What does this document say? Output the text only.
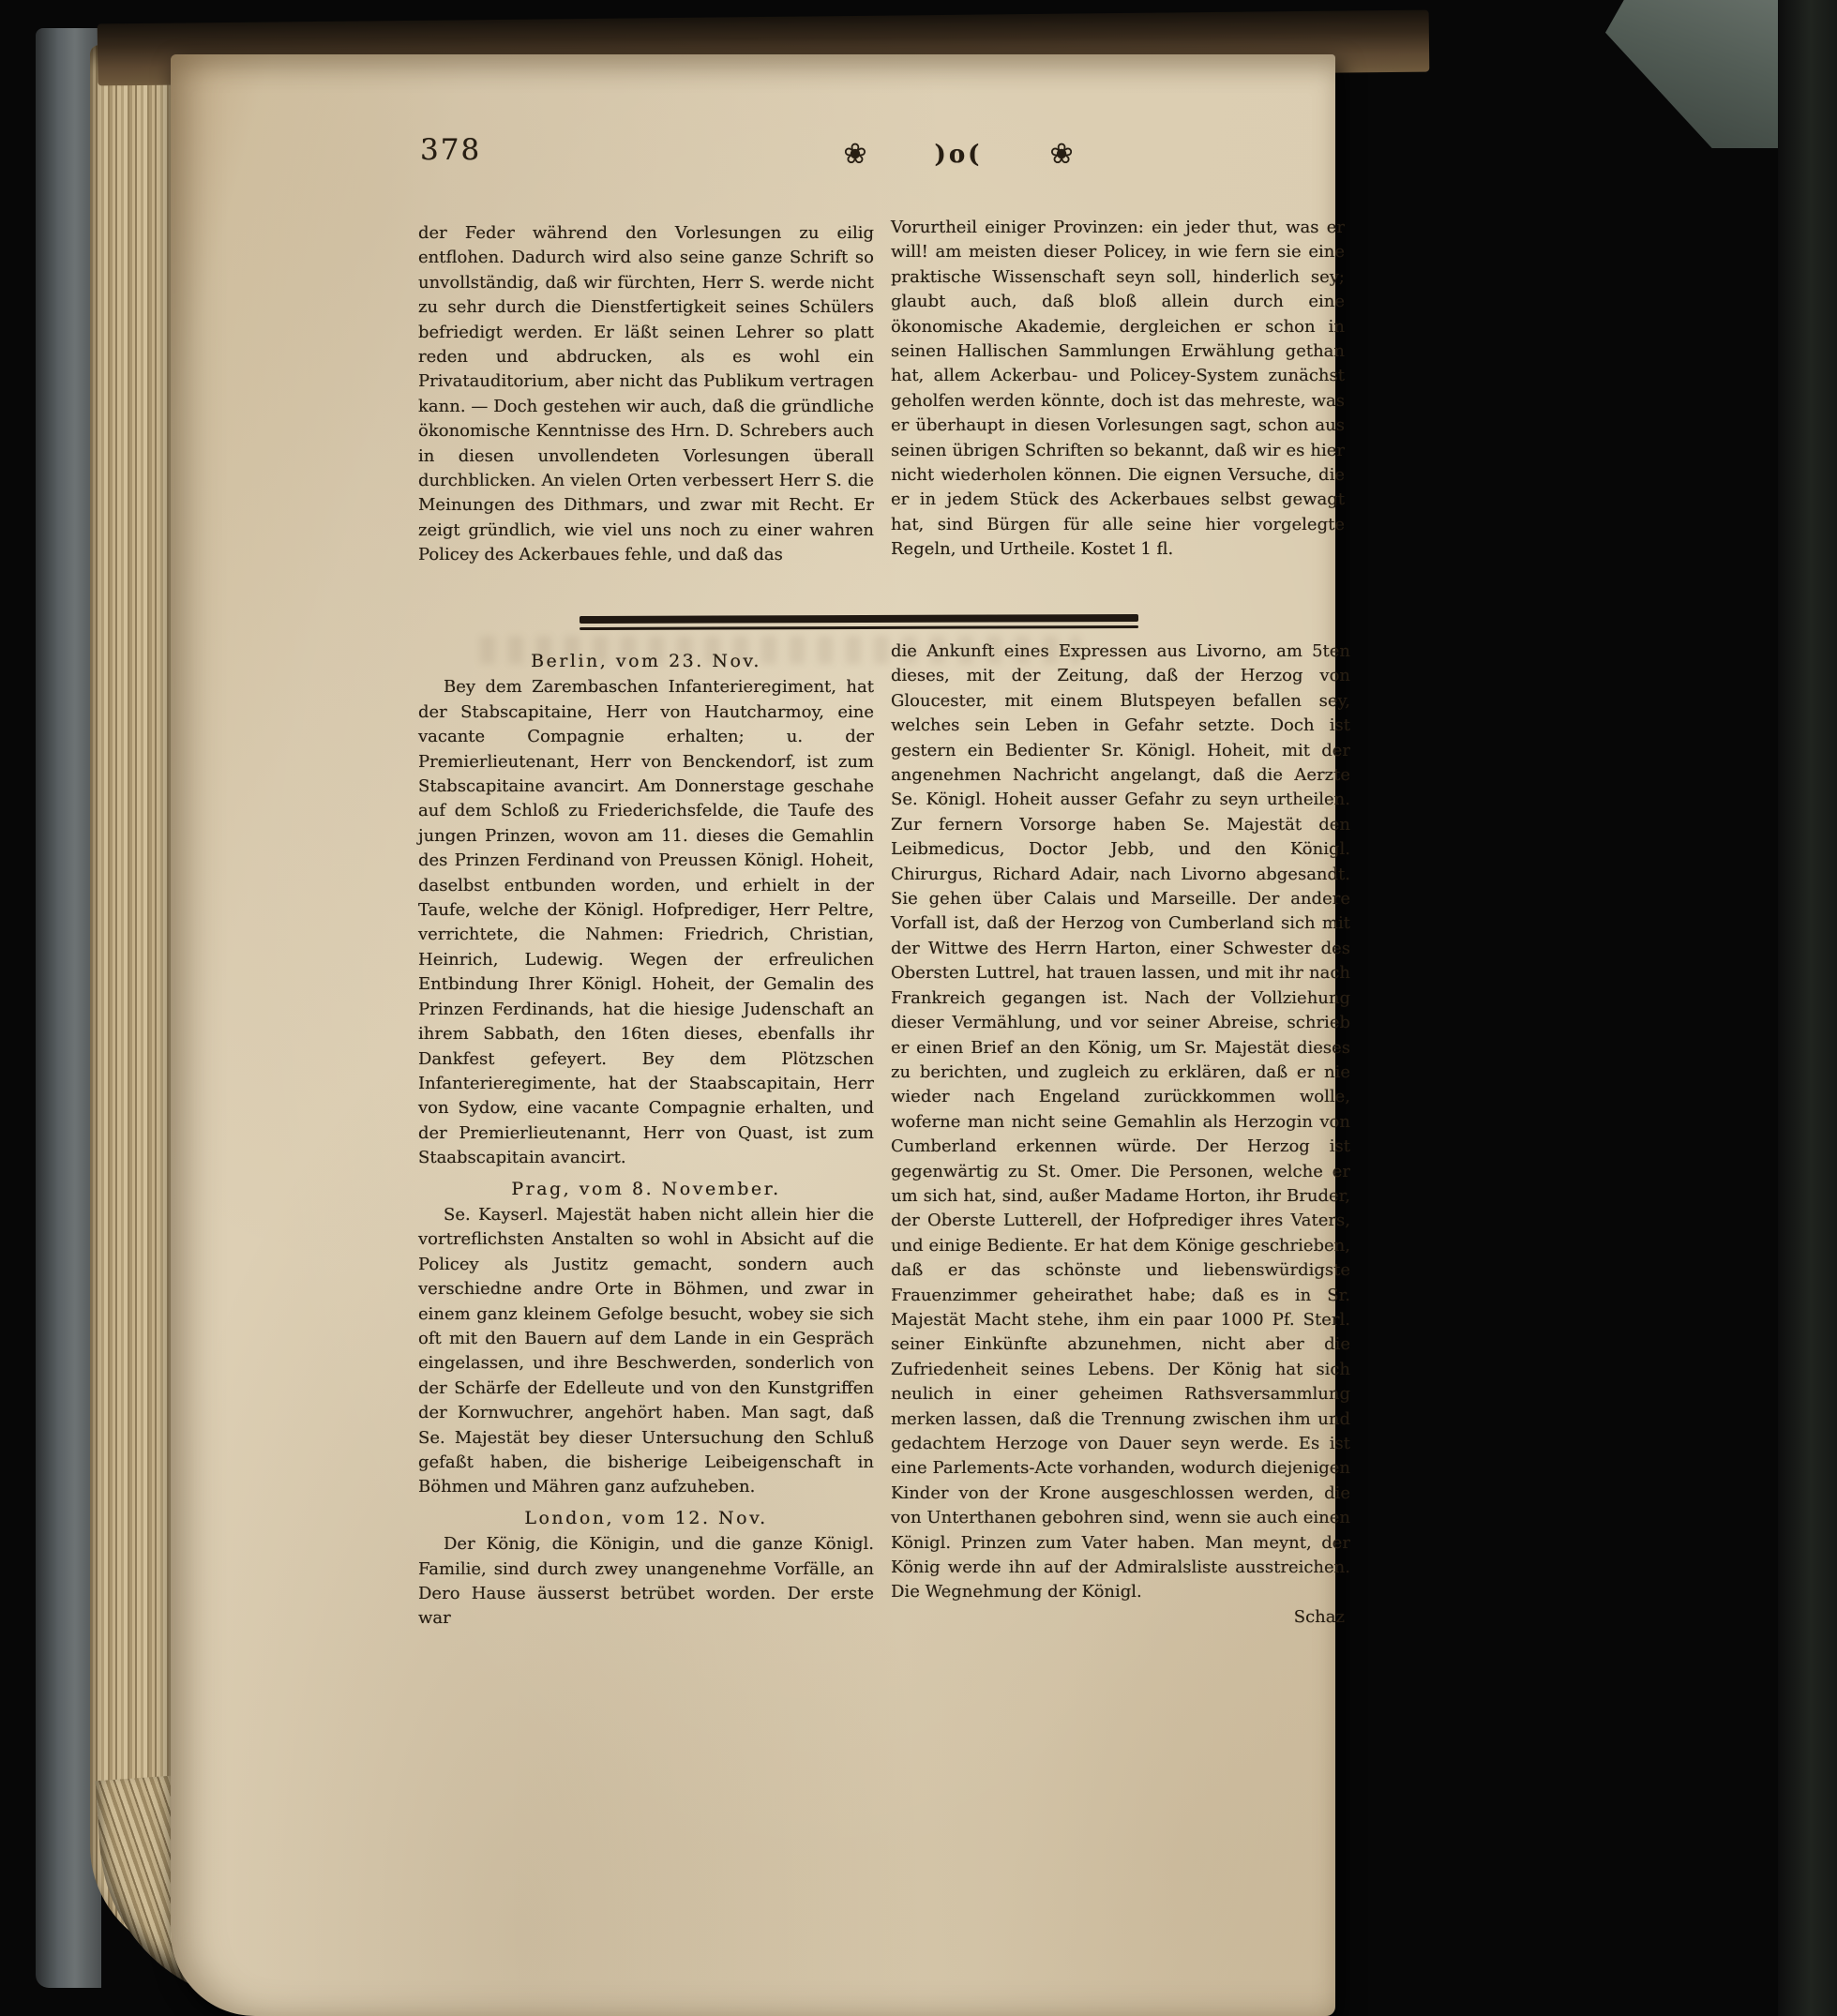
378	❀	)o( ❀

der Feder während den Vorlesungen zu eilig entflohen. Dadurch wird also seine ganze Schrift so unvollständig, daß wir fürchten, Herr S. werde nicht zu sehr durch die Dienstfertigkeit seines Schülers befriedigt werden. Er läßt seinen Lehrer so platt reden und abdrucken, als es wohl ein Privatauditorium, aber nicht das Publikum vertragen kann. — Doch gestehen wir auch, daß die gründliche ökonomische Kenntnisse des Hrn. D. Schrebers auch in diesen unvollendeten Vorlesungen überall durchblicken. An vielen Orten verbessert Herr S. die Meinungen des Dithmars, und zwar mit Recht. Er zeigt gründlich, wie viel uns noch zu einer wahren Policey des Ackerbaues fehle, und daß das

Vorurtheil einiger Provinzen: ein jeder thut, was er will! am meisten dieser Policey, in wie fern sie eine praktische Wissenschaft seyn soll, hinderlich sey; glaubt auch, daß bloß allein durch eine ökonomische Akademie, dergleichen er schon in seinen Hallischen Sammlungen Erwählung gethan hat, allem Ackerbau- und Policey-System zunächst geholfen werden könnte, doch ist das mehreste, was er überhaupt in diesen Vorlesungen sagt, schon aus seinen übrigen Schriften so bekannt, daß wir es hier nicht wiederholen können. Die eignen Versuche, die er in jedem Stück des Ackerbaues selbst gewagt hat, sind Bürgen für alle seine hier vorgelegte Regeln, und Urtheile. Kostet 1 fl.

Berlin, vom 23. Nov.

Bey dem Zarembaschen Infanterieregiment, hat der Stabscapitaine, Herr von Hautcharmoy, eine vacante Compagnie erhalten; u. der Premierlieutenant, Herr von Benckendorf, ist zum Stabscapitaine avancirt. Am Donnerstage geschahe auf dem Schloß zu Friederichsfelde, die Taufe des jungen Prinzen, wovon am 11. dieses die Gemahlin des Prinzen Ferdinand von Preussen Königl. Hoheit, daselbst entbunden worden, und erhielt in der Taufe, welche der Königl. Hofprediger, Herr Peltre, verrichtete, die Nahmen: Friedrich, Christian, Heinrich, Ludewig. Wegen der erfreulichen Entbindung Ihrer Königl. Hoheit, der Gemalin des Prinzen Ferdinands, hat die hiesige Judenschaft an ihrem Sabbath, den 16ten dieses, ebenfalls ihr Dankfest gefeyert. Bey dem Plötzschen Infanterieregimente, hat der Staabscapitain, Herr von Sydow, eine vacante Compagnie erhalten, und der Premierlieutenannt, Herr von Quast, ist zum Staabscapitain avancirt.

Prag, vom 8. November.

Se. Kayserl. Majestät haben nicht allein hier die vortreflichsten Anstalten so wohl in Absicht auf die Policey als Justitz gemacht, sondern auch verschiedne andre Orte in Böhmen, und zwar in einem ganz kleinem Gefolge besucht, wobey sie sich oft mit den Bauern auf dem Lande in ein Gespräch eingelassen, und ihre Beschwerden, sonderlich von der Schärfe der Edelleute und von den Kunstgriffen der Kornwuchrer, angehört haben. Man sagt, daß Se. Majestät bey dieser Untersuchung den Schluß gefaßt haben, die bisherige Leibeigenschaft in Böhmen und Mähren ganz aufzuheben.

London, vom 12. Nov.

Der König, die Königin, und die ganze Königl. Familie, sind durch zwey unangenehme Vorfälle, an Dero Hause äusserst betrübet worden. Der erste war

die Ankunft eines Expressen aus Livorno, am 5ten dieses, mit der Zeitung, daß der Herzog von Gloucester, mit einem Blutspeyen befallen sey, welches sein Leben in Gefahr setzte. Doch ist gestern ein Bedienter Sr. Königl. Hoheit, mit der angenehmen Nachricht angelangt, daß die Aerzte Se. Königl. Hoheit ausser Gefahr zu seyn urtheilen. Zur fernern Vorsorge haben Se. Majestät den Leibmedicus, Doctor Jebb, und den Königl. Chirurgus, Richard Adair, nach Livorno abgesandt. Sie gehen über Calais und Marseille. Der andere Vorfall ist, daß der Herzog von Cumberland sich mit der Wittwe des Herrn Harton, einer Schwester des Obersten Luttrel, hat trauen lassen, und mit ihr nach Frankreich gegangen ist. Nach der Vollziehung dieser Vermählung, und vor seiner Abreise, schrieb er einen Brief an den König, um Sr. Majestät dieses zu berichten, und zugleich zu erklären, daß er nie wieder nach Engeland zurückkommen wolle, woferne man nicht seine Gemahlin als Herzogin von Cumberland erkennen würde. Der Herzog ist gegenwärtig zu St. Omer. Die Personen, welche er um sich hat, sind, außer Madame Horton, ihr Bruder, der Oberste Lutterell, der Hofprediger ihres Vaters, und einige Bediente. Er hat dem Könige geschrieben, daß er das schönste und liebenswürdigste Frauenzimmer geheirathet habe; daß es in Sr. Majestät Macht stehe, ihm ein paar 1000 Pf. Sterl. seiner Einkünfte abzunehmen, nicht aber die Zufriedenheit seines Lebens. Der König hat sich neulich in einer geheimen Rathsversammlung merken lassen, daß die Trennung zwischen ihm und gedachtem Herzoge von Dauer seyn werde. Es ist eine Parlements-Acte vorhanden, wodurch diejenigen Kinder von der Krone ausgeschlossen werden, die von Unterthanen gebohren sind, wenn sie auch einen Königl. Prinzen zum Vater haben. Man meynt, der König werde ihn auf der Admiralsliste ausstreichen. Die Wegnehmung der Königl.

Schaz
